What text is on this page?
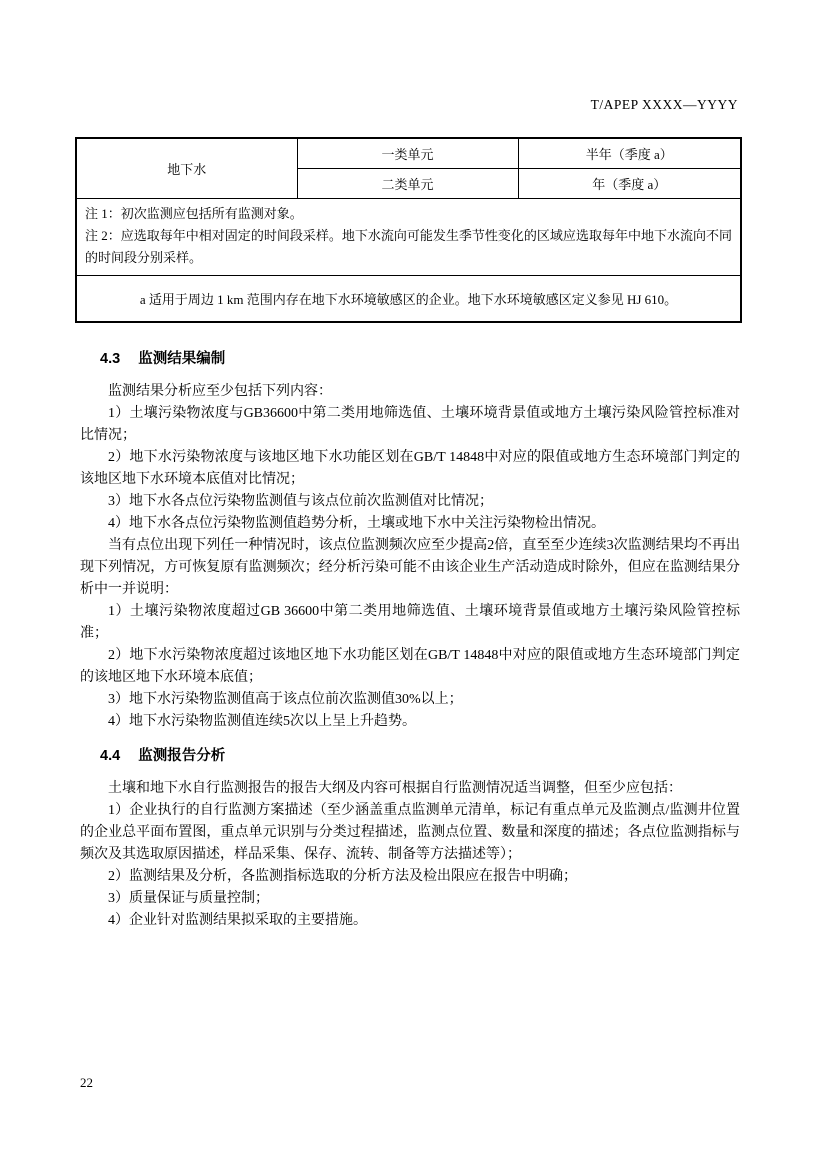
T/APEP XXXX—YYYY
地下水	一类单元	半年（季度 a）
	二类单元	年（季度 a）

注 1：初次监测应包括所有监测对象。
注 2：应选取每年中相对固定的时间段采样。地下水流向可能发生季节性变化的区域应选取每年中地下水流向不同的时间段分别采样。		

a 适用于周边 1 km 范围内存在地下水环境敏感区的企业。地下水环境敏感区定义参见 HJ 610。		
4.3 监测结果编制

监测结果分析应至少包括下列内容：

1）土壤污染物浓度与GB36600中第二类用地筛选值、土壤环境背景值或地方土壤污染风险管控标准对比情况；

2）地下水污染物浓度与该地区地下水功能区划在GB/T 14848中对应的限值或地方生态环境部门判定的该地区地下水环境本底值对比情况；

3）地下水各点位污染物监测值与该点位前次监测值对比情况；

4）地下水各点位污染物监测值趋势分析，土壤或地下水中关注污染物检出情况。

当有点位出现下列任一种情况时，该点位监测频次应至少提高2倍，直至至少连续3次监测结果均不再出现下列情况，方可恢复原有监测频次；经分析污染可能不由该企业生产活动造成时除外，但应在监测结果分析中一并说明：

1）土壤污染物浓度超过GB 36600中第二类用地筛选值、土壤环境背景值或地方土壤污染风险管控标准；

2）地下水污染物浓度超过该地区地下水功能区划在GB/T 14848中对应的限值或地方生态环境部门判定的该地区地下水环境本底值；

3）地下水污染物监测值高于该点位前次监测值30%以上；

4）地下水污染物监测值连续5次以上呈上升趋势。

4.4 监测报告分析

土壤和地下水自行监测报告的报告大纲及内容可根据自行监测情况适当调整，但至少应包括：

1）企业执行的自行监测方案描述（至少涵盖重点监测单元清单，标记有重点单元及监测点/监测井位置的企业总平面布置图，重点单元识别与分类过程描述，监测点位置、数量和深度的描述；各点位监测指标与频次及其选取原因描述，样品采集、保存、流转、制备等方法描述等）；

2）监测结果及分析，各监测指标选取的分析方法及检出限应在报告中明确；

3）质量保证与质量控制；

4）企业针对监测结果拟采取的主要措施。

22
